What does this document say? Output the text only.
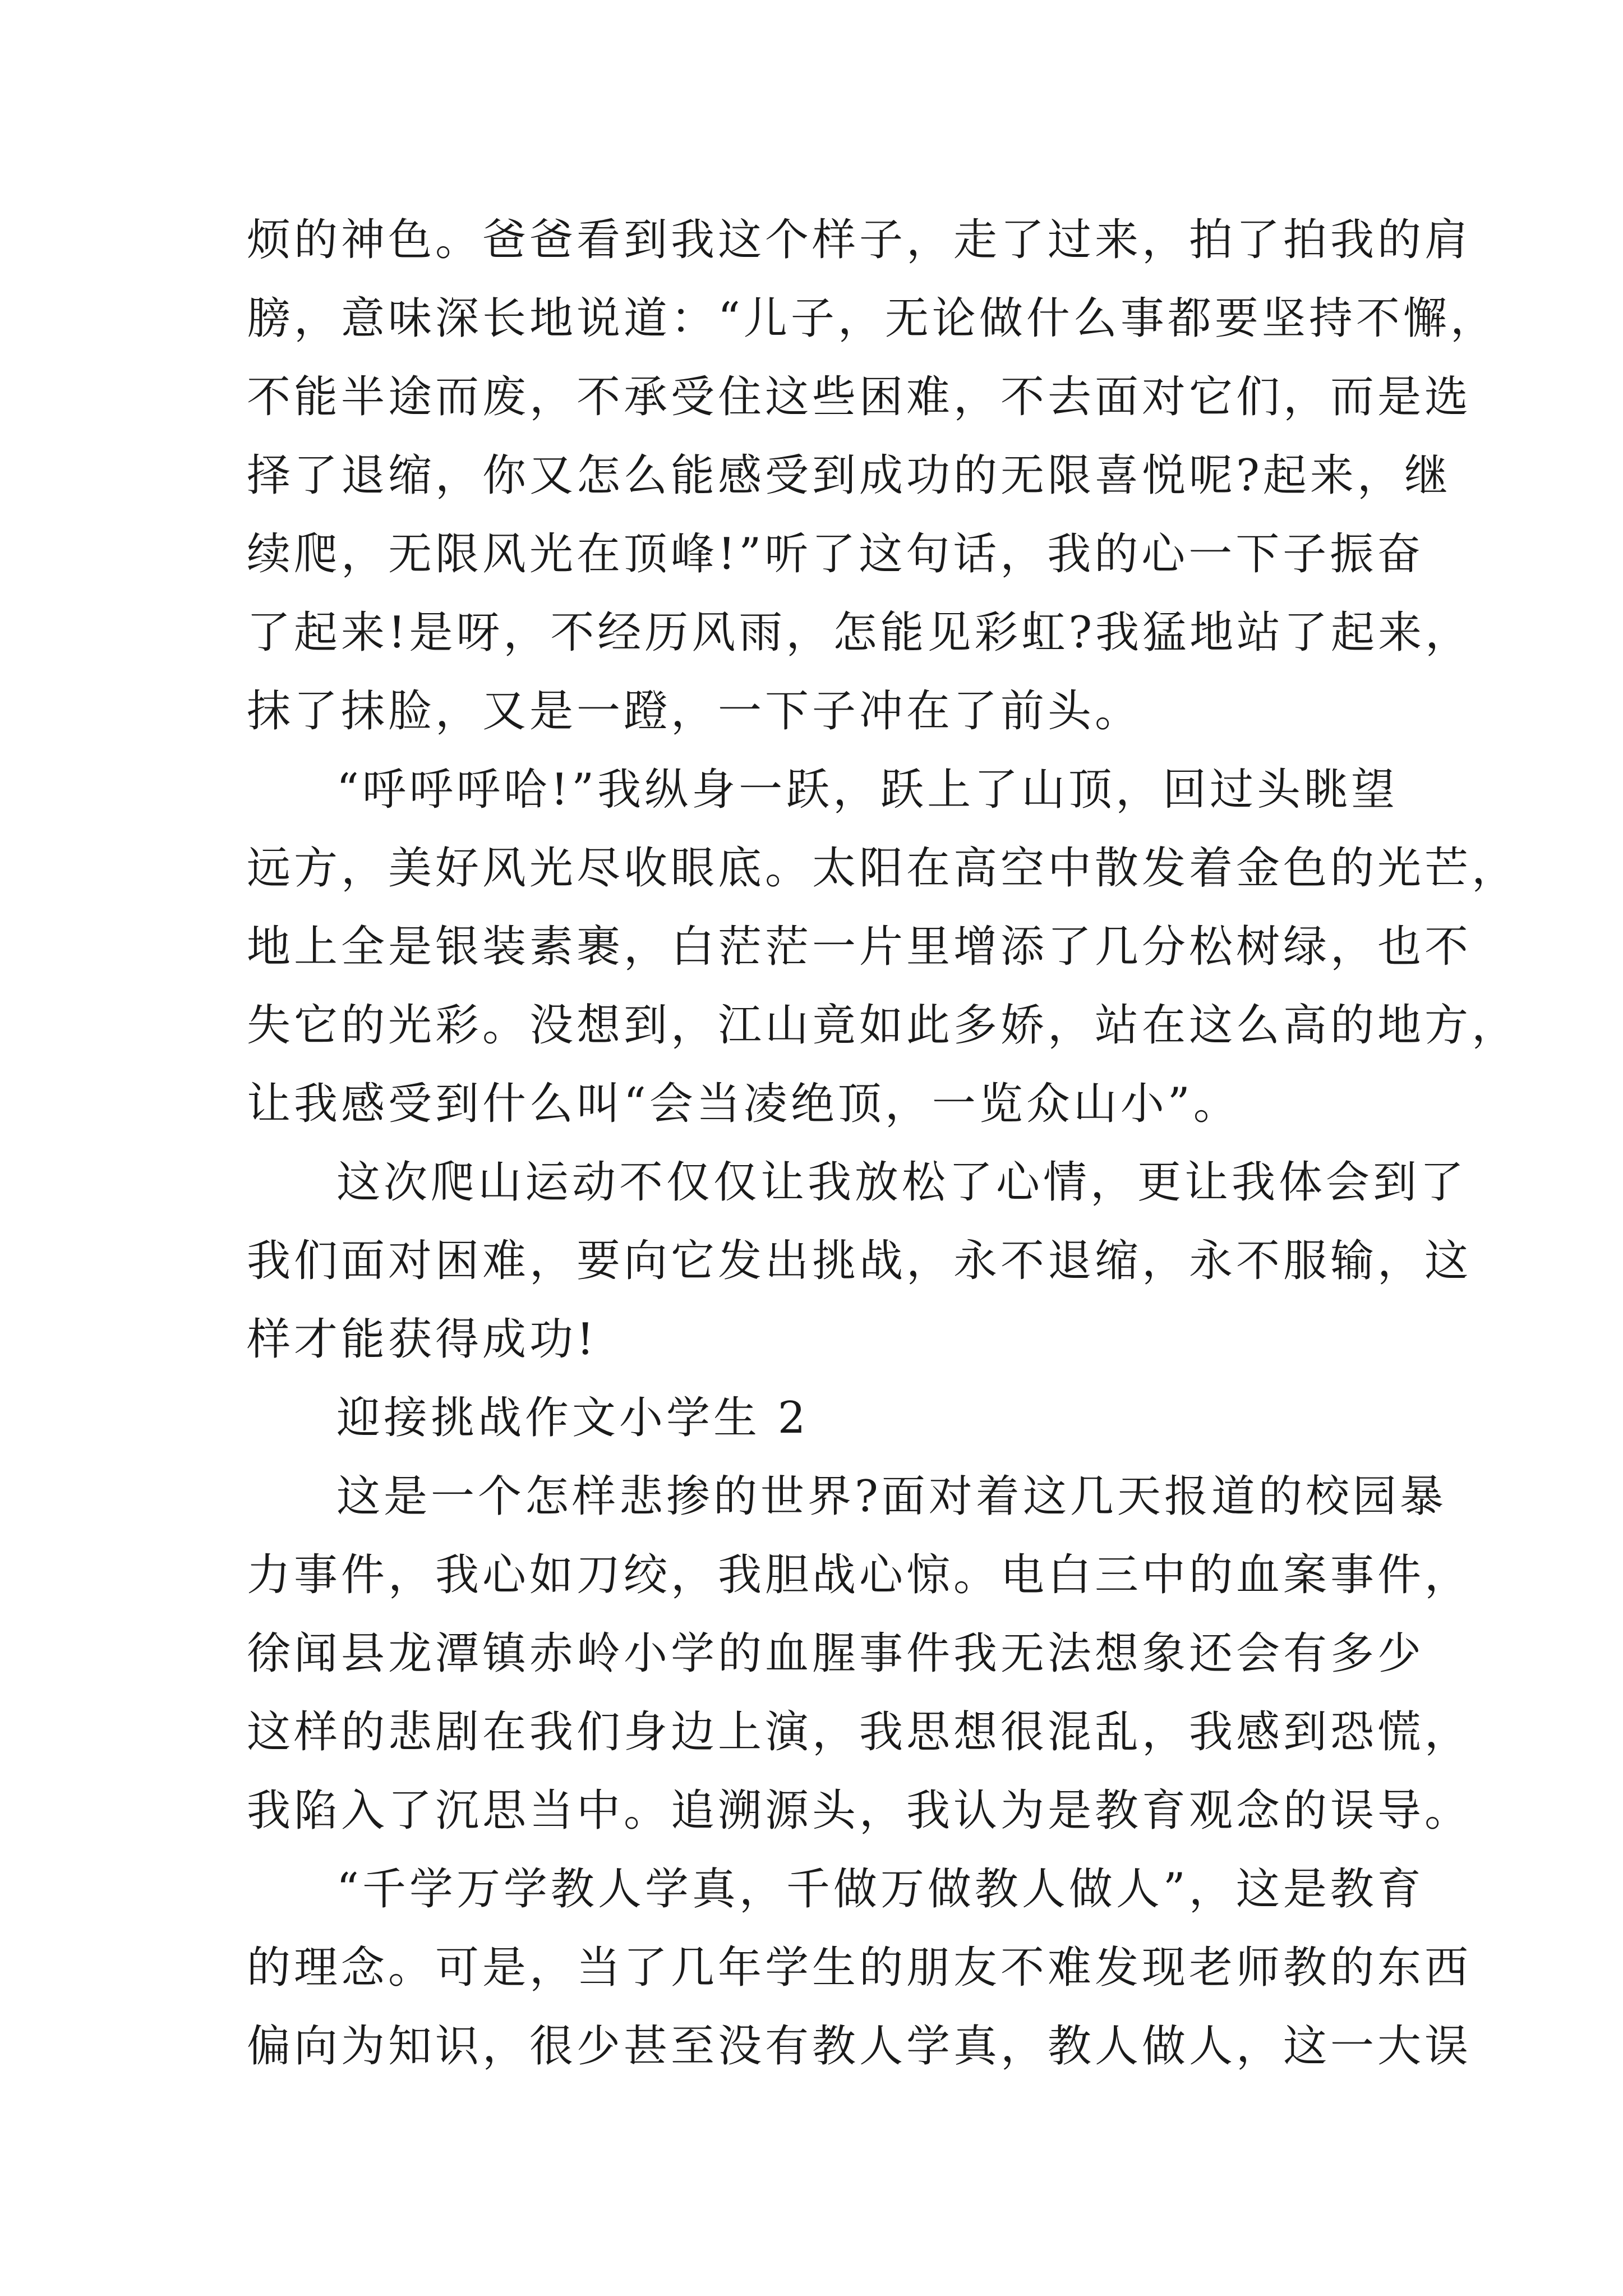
烦的神色。爸爸看到我这个样子，走了过来，拍了拍我的肩
膀，意味深长地说道：“儿子，无论做什么事都要坚持不懈，
不能半途而废，不承受住这些困难，不去面对它们，而是选
择了退缩，你又怎么能感受到成功的无限喜悦呢?起来，继
续爬，无限风光在顶峰!”听了这句话，我的心一下子振奋
了起来!是呀，不经历风雨，怎能见彩虹?我猛地站了起来，
抹了抹脸，又是一蹬，一下子冲在了前头。
“呼呼呼哈!”我纵身一跃，跃上了山顶，回过头眺望
远方，美好风光尽收眼底。太阳在高空中散发着金色的光芒，
地上全是银装素裹，白茫茫一片里增添了几分松树绿，也不
失它的光彩。没想到，江山竟如此多娇，站在这么高的地方，
让我感受到什么叫“会当凌绝顶，一览众山小”。
这次爬山运动不仅仅让我放松了心情，更让我体会到了
我们面对困难，要向它发出挑战，永不退缩，永不服输，这
样才能获得成功!
迎接挑战作文小学生 2
这是一个怎样悲掺的世界?面对着这几天报道的校园暴
力事件，我心如刀绞，我胆战心惊。电白三中的血案事件，
徐闻县龙潭镇赤岭小学的血腥事件我无法想象还会有多少
这样的悲剧在我们身边上演，我思想很混乱，我感到恐慌，
我陷入了沉思当中。追溯源头，我认为是教育观念的误导。
“千学万学教人学真，千做万做教人做人”，这是教育
的理念。可是，当了几年学生的朋友不难发现老师教的东西
偏向为知识，很少甚至没有教人学真，教人做人，这一大误
